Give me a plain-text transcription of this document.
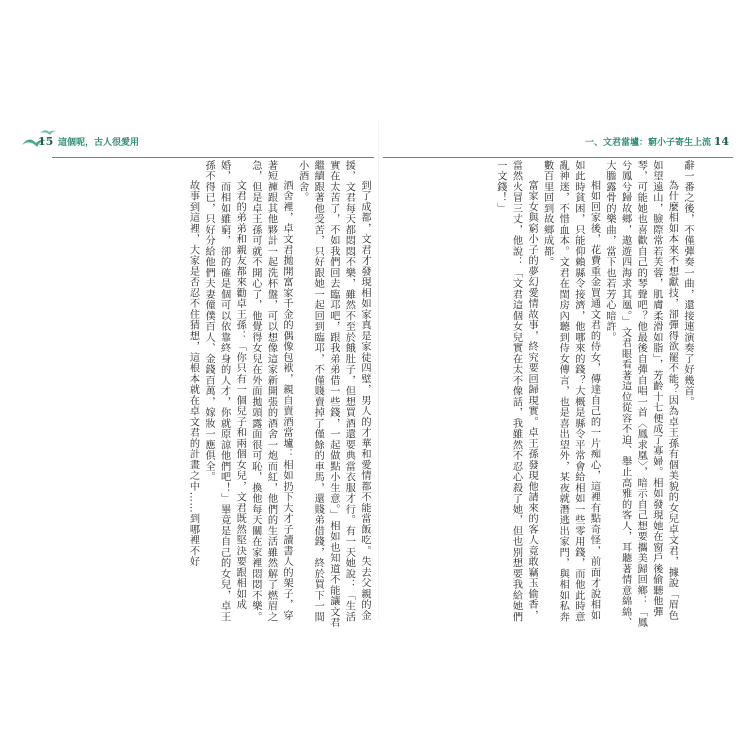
15 這個呢，古人很愛用

到了成都，文君才發現相如家真是家徒四壁，男人的才華和愛情都不能當飯吃。失去父親的金援，文君每天都悶悶不樂，雖然不至於餓肚子，但想買酒還要典當衣服才行。有一天她說：「生活實在太苦了，不如我們回去臨邛吧，跟我弟弟借一些錢，一起做點小生意。」相如也知道不能讓文君繼續跟著他受苦，只好跟她一起回到臨邛，不僅賤賣掉了僅餘的車馬，還賤弟借錢，終於買下一間小酒舍。

酒舍裡，卓文君拋開富家千金的偶像包袱，親自賣酒當壚：相如扔下大才子讀書人的架子，穿著短褲跟其他夥計一起洗杯盤，可以想像這家新開張的酒舍一炮而紅，他們的生活雖然解了燃眉之急，但是卓王孫可就不開心了，他覺得女兒在外面拋頭露面很可恥，換他每天關在家裡悶悶不樂。

文君的弟弟和親友都來勸卓王孫：「你只有一個兒子和兩個女兒，文君既然堅決要跟相如成婚，而相如雖窮，卻的確是個可以依靠終身的人才，你就原諒他們吧！」畢竟是自己的女兒，卓王孫不得已，只好分給他們夫妻僮僕百人、金錢百萬，嫁妝一應俱全。

故事到這裡，大家是否忍不住猜想，這根本就在卓文君的計畫之中……到哪裡不好

一、文君當壚：窮小子寄生上流 14

辭一番之後，不僅彈奏一曲，還接連演奏了好幾首。

為什麼相如本來不想獻技，卻彈得欲罷不能？因為卓王孫有個美貌的女兒卓文君，據說「眉色如望遠山，臉際常若芙蓉，肌膚柔滑如脂」，芳齡十七便成了寡婦。相如發現她在窗戶後偷聽他彈琴，可能她也喜歡自己的琴聲吧？他最後自彈自唱一首〈鳳求凰〉，暗示自己想要攜美歸回鄉：「鳳兮鳳兮歸故鄉，遨遊四海求其凰。」文君眼看著這位從容不迫、舉止高雅的客人，耳聽著情意綿綿、大膽露骨的樂曲，當下也若芳心暗許。

相如回家後，花費重金買通文君的侍女，傳達自己的一片痴心，這裡有點奇怪，前面才說相如如此時貧困，只能仰賴縣令接濟，他哪來的錢？大概是縣令平常會給相如一些零用錢，而他此時意亂神迷，不惜血本。文君在閨房內聽到侍女傳言，也是喜出望外，某夜就潛逃出家門，與相如私奔數百里回到故鄉成都。

富家女與窮小子的夢幻愛情故事，終究要回歸現實。卓王孫發現他請來的客人竟敢竊玉偷香，當然火冒三丈，他說：「文君這個女兒實在太不像話，我雖然不忍心殺了她，但也別想要我給她們一文錢！」
